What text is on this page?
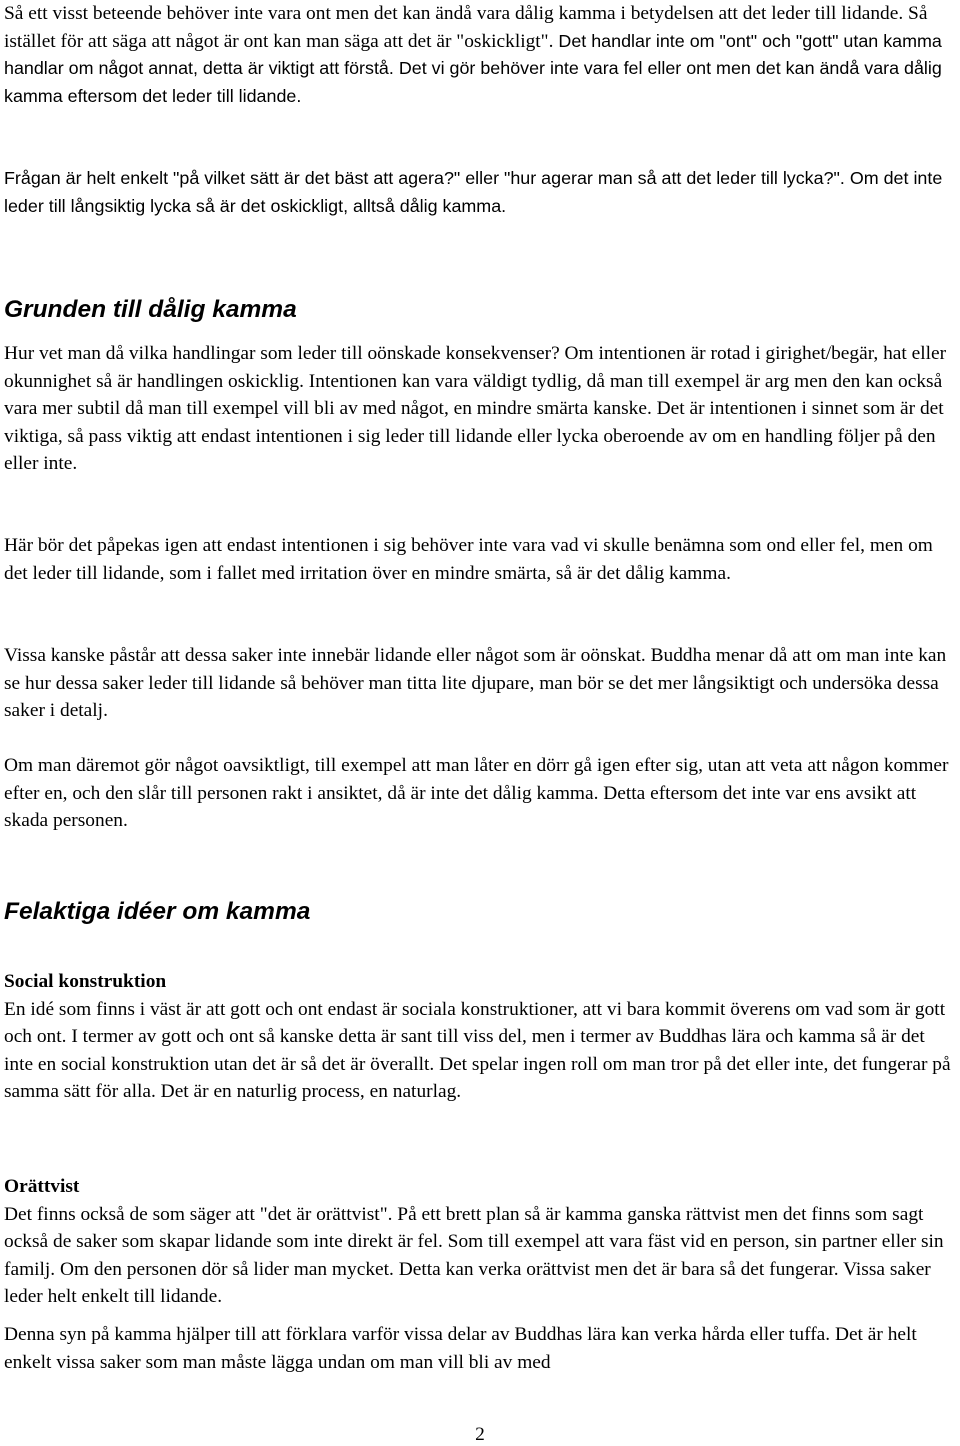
Så ett visst beteende behöver inte vara ont men det kan ändå vara dålig kamma i betydelsen att det leder till lidande. Så istället för att säga att något är ont kan man säga att det är "oskickligt". Det handlar inte om "ont" och "gott" utan kamma handlar om något annat, detta är viktigt att förstå. Det vi gör behöver inte vara fel eller ont men det kan ändå vara dålig kamma eftersom det leder till lidande.

Frågan är helt enkelt "på vilket sätt är det bäst att agera?" eller "hur agerar man så att det leder till lycka?". Om det inte leder till långsiktig lycka så är det oskickligt, alltså dålig kamma.

Grunden till dålig kamma

Hur vet man då vilka handlingar som leder till oönskade konsekvenser? Om intentionen är rotad i girighet/begär, hat eller okunnighet så är handlingen oskicklig. Intentionen kan vara väldigt tydlig, då man till exempel är arg men den kan också vara mer subtil då man till exempel vill bli av med något, en mindre smärta kanske. Det är intentionen i sinnet som är det viktiga, så pass viktig att endast intentionen i sig leder till lidande eller lycka oberoende av om en handling följer på den eller inte.

Här bör det påpekas igen att endast intentionen i sig behöver inte vara vad vi skulle benämna som ond eller fel, men om det leder till lidande, som i fallet med irritation över en mindre smärta, så är det dålig kamma.

Vissa kanske påstår att dessa saker inte innebär lidande eller något som är oönskat. Buddha menar då att om man inte kan se hur dessa saker leder till lidande så behöver man titta lite djupare, man bör se det mer långsiktigt och undersöka dessa saker i detalj.

Om man däremot gör något oavsiktligt, till exempel att man låter en dörr gå igen efter sig, utan att veta att någon kommer efter en, och den slår till personen rakt i ansiktet, då är inte det dålig kamma. Detta eftersom det inte var ens avsikt att skada personen.

Felaktiga idéer om kamma
Social konstruktion

En idé som finns i väst är att gott och ont endast är sociala konstruktioner, att vi bara kommit överens om vad som är gott och ont. I termer av gott och ont så kanske detta är sant till viss del, men i termer av Buddhas lära och kamma så är det inte en social konstruktion utan det är så det är överallt. Det spelar ingen roll om man tror på det eller inte, det fungerar på samma sätt för alla. Det är en naturlig process, en naturlag.

Orättvist

Det finns också de som säger att "det är orättvist". På ett brett plan så är kamma ganska rättvist men det finns som sagt också de saker som skapar lidande som inte direkt är fel. Som till exempel att vara fäst vid en person, sin partner eller sin familj. Om den personen dör så lider man mycket. Detta kan verka orättvist men det är bara så det fungerar. Vissa saker leder helt enkelt till lidande.

Denna syn på kamma hjälper till att förklara varför vissa delar av Buddhas lära kan verka hårda eller tuffa. Det är helt enkelt vissa saker som man måste lägga undan om man vill bli av med

2
